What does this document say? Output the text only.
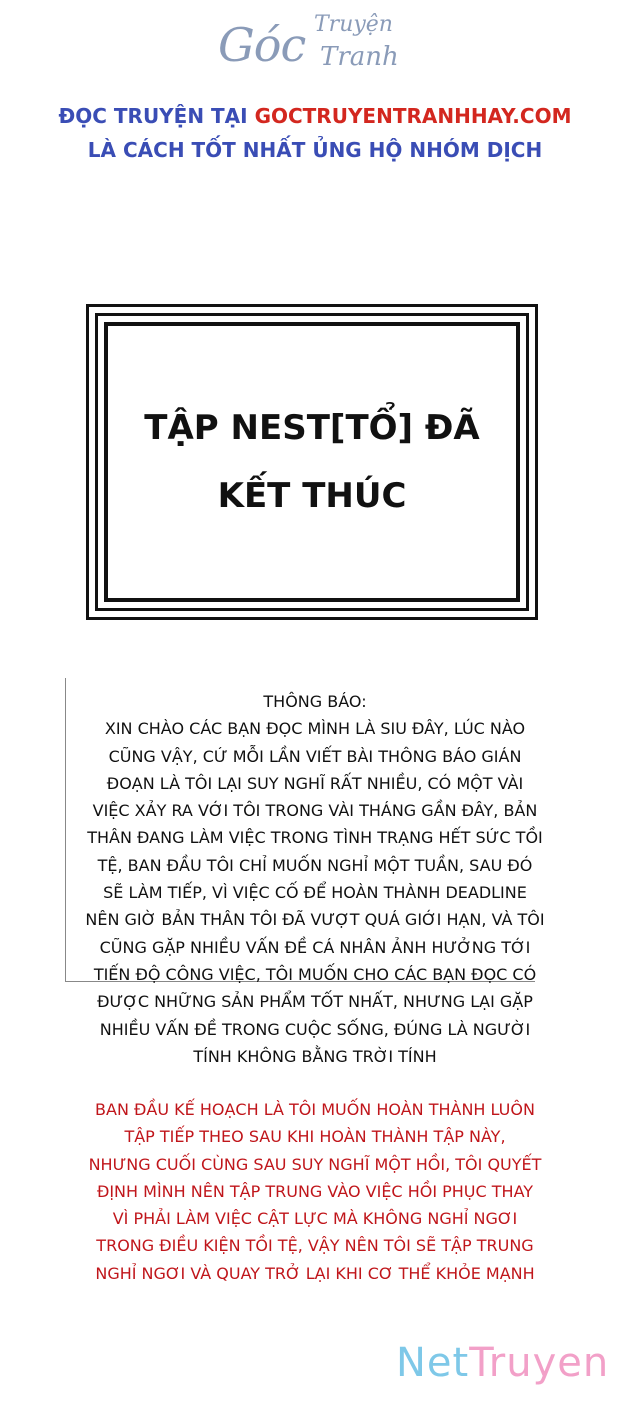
Góc Truyện
Tranh
ĐỌC TRUYỆN TẠI GOCTRUYENTRANHHAY.COM
LÀ CÁCH TỐT NHẤT ỦNG HỘ NHÓM DỊCH
TẬP NEST[TỔ] ĐÃ
KẾT THÚC
THÔNG BÁO:
XIN CHÀO CÁC BẠN ĐỌC MÌNH LÀ SIU ĐÂY, LÚC NÀO
CŨNG VẬY, CỨ MỖI LẦN VIẾT BÀI THÔNG BÁO GIÁN
ĐOẠN LÀ TÔI LẠI SUY NGHĨ RẤT NHIỀU, CÓ MỘT VÀI
VIỆC XẢY RA VỚI TÔI TRONG VÀI THÁNG GẦN ĐÂY, BẢN
THÂN ĐANG LÀM VIỆC TRONG TÌNH TRẠNG HẾT SỨC TỒI
TỆ, BAN ĐẦU TÔI CHỈ MUỐN NGHỈ MỘT TUẦN, SAU ĐÓ
SẼ LÀM TIẾP, VÌ VIỆC CỐ ĐỂ HOÀN THÀNH DEADLINE
NÊN GIỜ BẢN THÂN TÔI ĐÃ VƯỢT QUÁ GIỚI HẠN, VÀ TÔI
CŨNG GẶP NHIỀU VẤN ĐỀ CÁ NHÂN ẢNH HƯỞNG TỚI
TIẾN ĐỘ CÔNG VIỆC, TÔI MUỐN CHO CÁC BẠN ĐỌC CÓ
ĐƯỢC NHỮNG SẢN PHẨM TỐT NHẤT, NHƯNG LẠI GẶP
NHIỀU VẤN ĐỀ TRONG CUỘC SỐNG, ĐÚNG LÀ NGƯỜI
TÍNH KHÔNG BẰNG TRỜI TÍNH
BAN ĐẦU KẾ HOẠCH LÀ TÔI MUỐN HOÀN THÀNH LUÔN
TẬP TIẾP THEO SAU KHI HOÀN THÀNH TẬP NÀY,
NHƯNG CUỐI CÙNG SAU SUY NGHĨ MỘT HỒI, TÔI QUYẾT
ĐỊNH MÌNH NÊN TẬP TRUNG VÀO VIỆC HỒI PHỤC THAY
VÌ PHẢI LÀM VIỆC CẬT LỰC MÀ KHÔNG NGHỈ NGƠI
TRONG ĐIỀU KIỆN TỒI TỆ, VẬY NÊN TÔI SẼ TẬP TRUNG
NGHỈ NGƠI VÀ QUAY TRỞ LẠI KHI CƠ THỂ KHỎE MẠNH
NetTruyen
